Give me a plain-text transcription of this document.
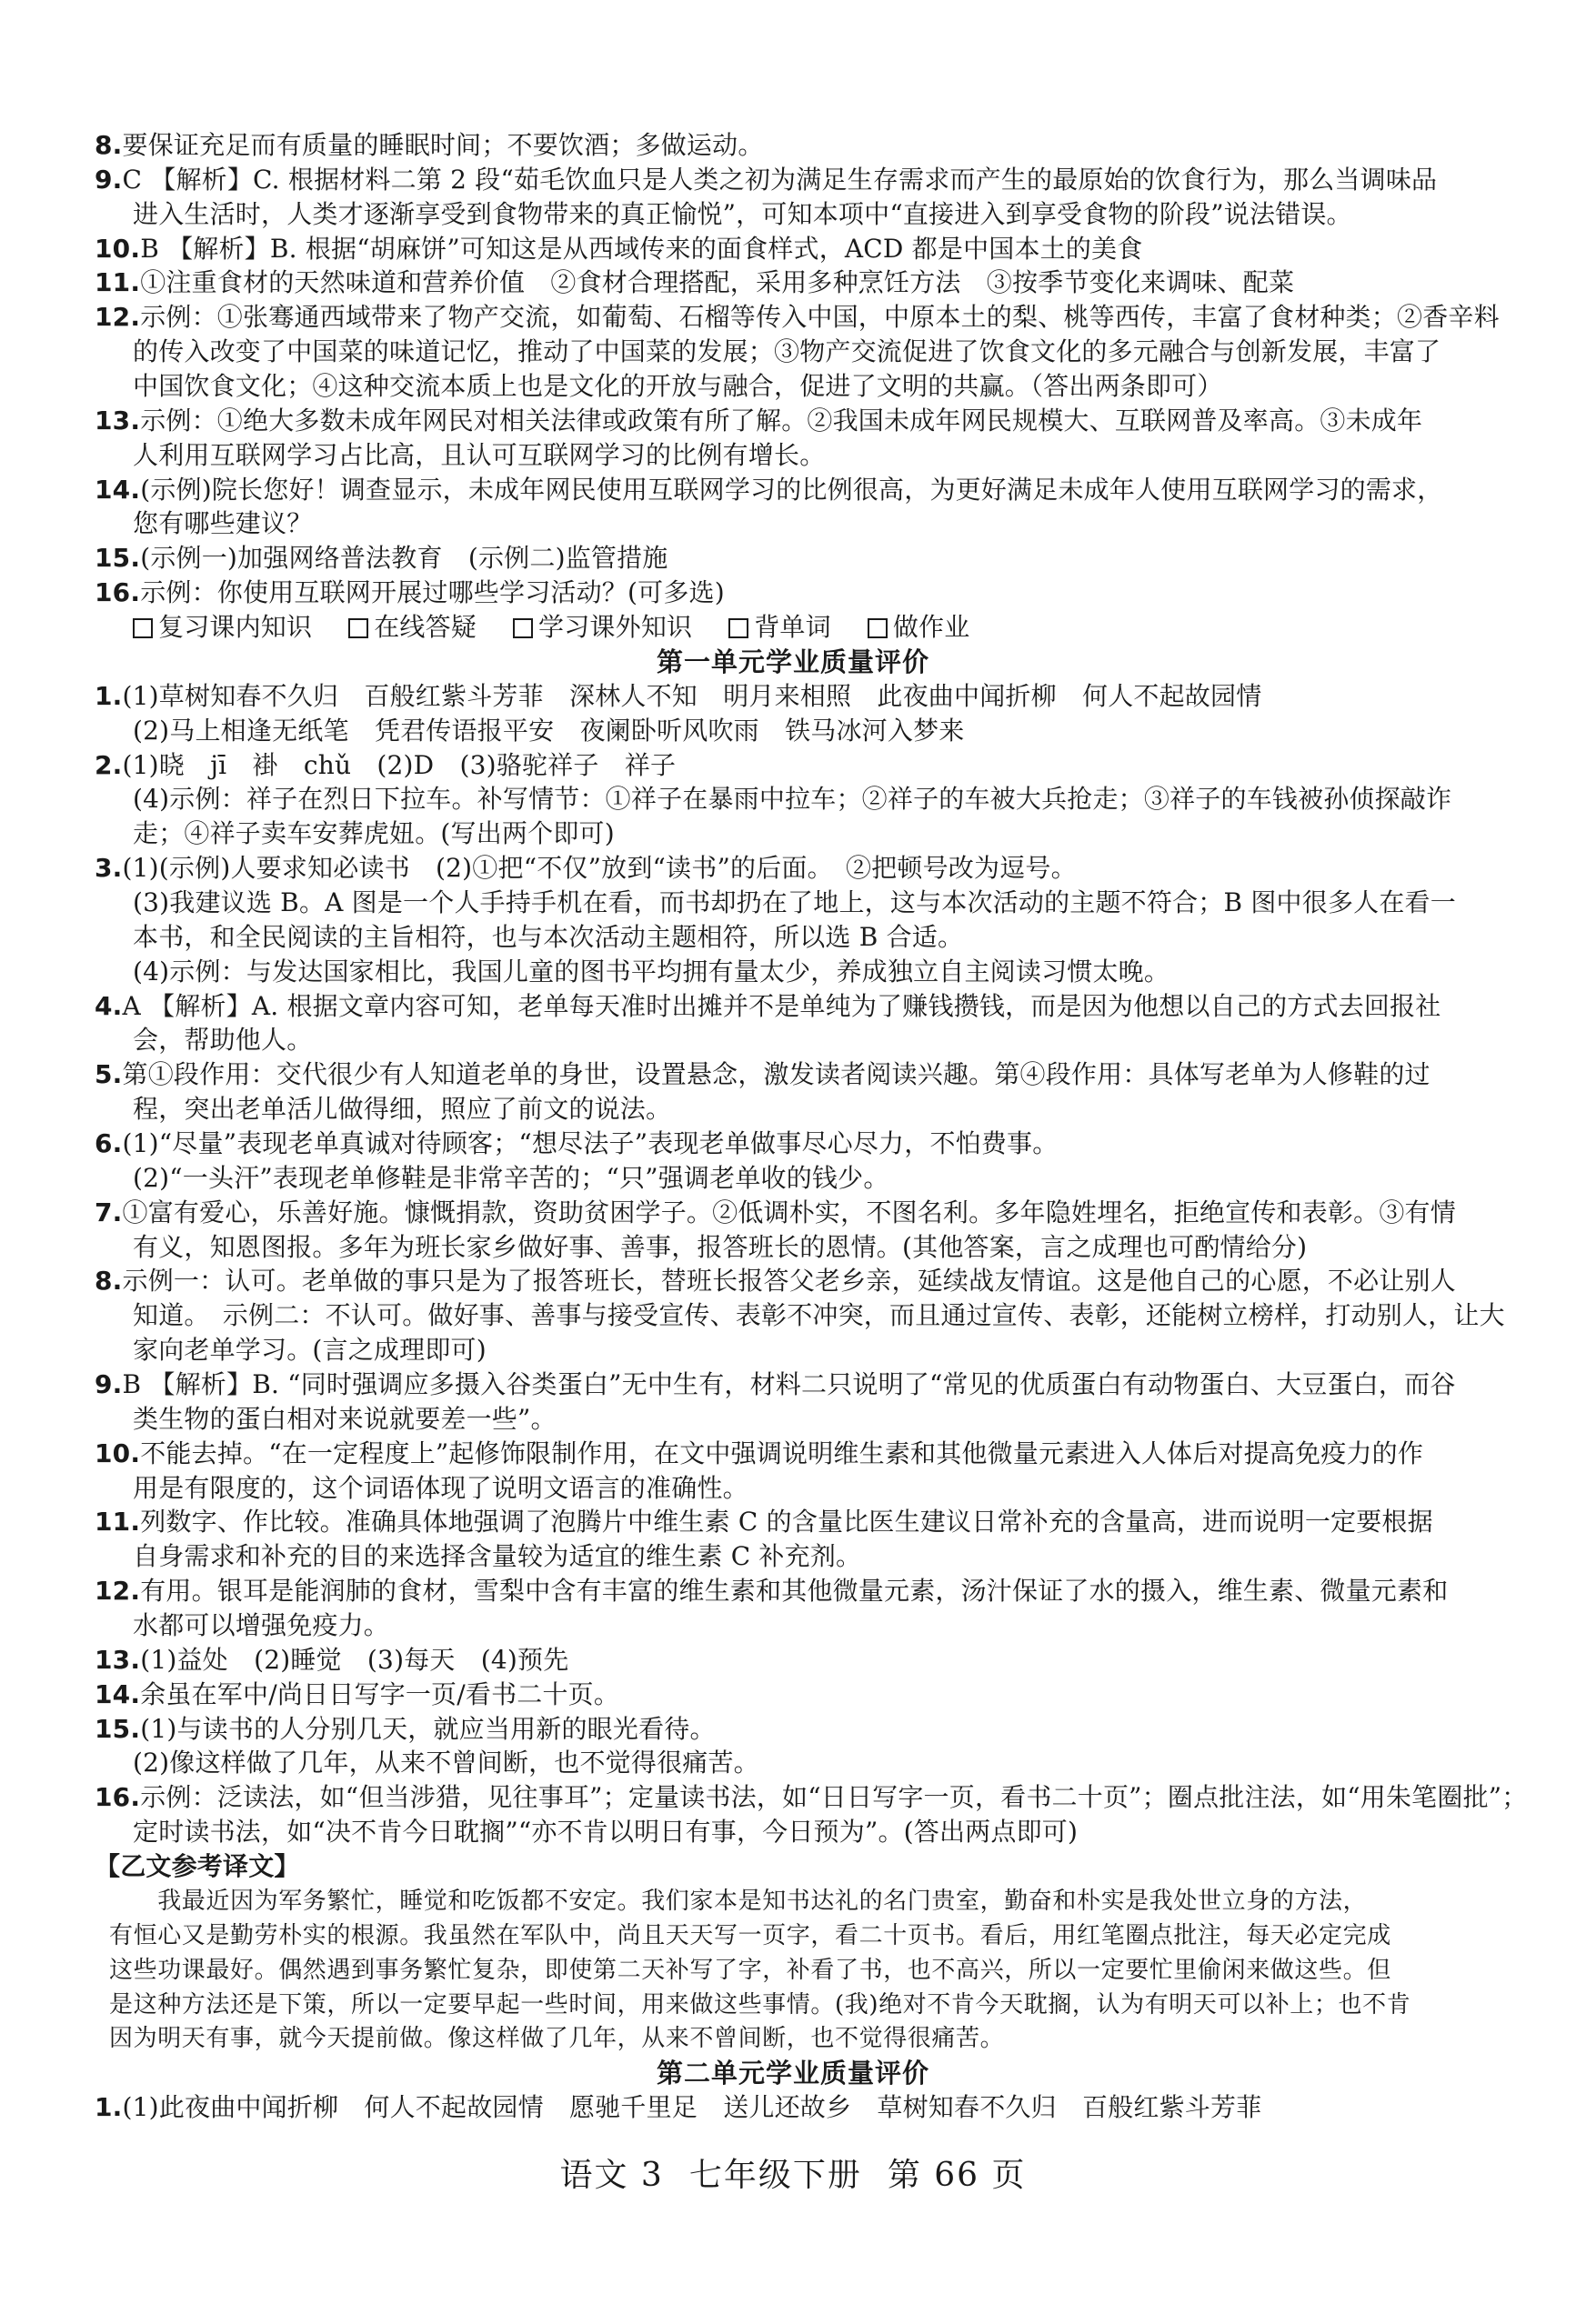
8.要保证充足而有质量的睡眠时间；不要饮酒；多做运动。
9.C 【解析】C. 根据材料二第 2 段“茹毛饮血只是人类之初为满足生存需求而产生的最原始的饮食行为，那么当调味品
进入生活时，人类才逐渐享受到食物带来的真正愉悦”，可知本项中“直接进入到享受食物的阶段”说法错误。
10.B 【解析】B. 根据“胡麻饼”可知这是从西域传来的面食样式，ACD 都是中国本土的美食
11.①注重食材的天然味道和营养价值　②食材合理搭配，采用多种烹饪方法　③按季节变化来调味、配菜
12.示例：①张骞通西域带来了物产交流，如葡萄、石榴等传入中国，中原本土的梨、桃等西传，丰富了食材种类；②香辛料
的传入改变了中国菜的味道记忆，推动了中国菜的发展；③物产交流促进了饮食文化的多元融合与创新发展，丰富了
中国饮食文化；④这种交流本质上也是文化的开放与融合，促进了文明的共赢。（答出两条即可）
13.示例：①绝大多数未成年网民对相关法律或政策有所了解。②我国未成年网民规模大、互联网普及率高。③未成年
人利用互联网学习占比高，且认可互联网学习的比例有增长。
14.(示例)院长您好！调查显示，未成年网民使用互联网学习的比例很高，为更好满足未成年人使用互联网学习的需求，
您有哪些建议？
15.(示例一)加强网络普法教育　(示例二)监管措施
16.示例：你使用互联网开展过哪些学习活动？(可多选)
复习课内知识 在线答疑 学习课外知识 背单词 做作业
第一单元学业质量评价
1.(1)草树知春不久归　百般红紫斗芳菲　深林人不知　明月来相照　此夜曲中闻折柳　何人不起故园情
(2)马上相逢无纸笔　凭君传语报平安　夜阑卧听风吹雨　铁马冰河入梦来
2.(1)晓　jī　褂　chǔ　(2)D　(3)骆驼祥子　祥子
(4)示例：祥子在烈日下拉车。补写情节：①祥子在暴雨中拉车；②祥子的车被大兵抢走；③祥子的车钱被孙侦探敲诈
走；④祥子卖车安葬虎妞。(写出两个即可)
3.(1)(示例)人要求知必读书　(2)①把“不仅”放到“读书”的后面。　②把顿号改为逗号。
(3)我建议选 B。A 图是一个人手持手机在看，而书却扔在了地上，这与本次活动的主题不符合；B 图中很多人在看一
本书，和全民阅读的主旨相符，也与本次活动主题相符，所以选 B 合适。
(4)示例：与发达国家相比，我国儿童的图书平均拥有量太少，养成独立自主阅读习惯太晚。
4.A 【解析】A. 根据文章内容可知，老单每天准时出摊并不是单纯为了赚钱攒钱，而是因为他想以自己的方式去回报社
会，帮助他人。
5.第①段作用：交代很少有人知道老单的身世，设置悬念，激发读者阅读兴趣。第④段作用：具体写老单为人修鞋的过
程，突出老单活儿做得细，照应了前文的说法。
6.(1)“尽量”表现老单真诚对待顾客；“想尽法子”表现老单做事尽心尽力，不怕费事。
(2)“一头汗”表现老单修鞋是非常辛苦的；“只”强调老单收的钱少。
7.①富有爱心，乐善好施。慷慨捐款，资助贫困学子。②低调朴实，不图名利。多年隐姓埋名，拒绝宣传和表彰。③有情
有义，知恩图报。多年为班长家乡做好事、善事，报答班长的恩情。(其他答案，言之成理也可酌情给分)
8.示例一：认可。老单做的事只是为了报答班长，替班长报答父老乡亲，延续战友情谊。这是他自己的心愿，不必让别人
知道。　示例二：不认可。做好事、善事与接受宣传、表彰不冲突，而且通过宣传、表彰，还能树立榜样，打动别人，让大
家向老单学习。(言之成理即可)
9.B 【解析】B. “同时强调应多摄入谷类蛋白”无中生有，材料二只说明了“常见的优质蛋白有动物蛋白、大豆蛋白，而谷
类生物的蛋白相对来说就要差一些”。
10.不能去掉。“在一定程度上”起修饰限制作用，在文中强调说明维生素和其他微量元素进入人体后对提高免疫力的作
用是有限度的，这个词语体现了说明文语言的准确性。
11.列数字、作比较。准确具体地强调了泡腾片中维生素 C 的含量比医生建议日常补充的含量高，进而说明一定要根据
自身需求和补充的目的来选择含量较为适宜的维生素 C 补充剂。
12.有用。银耳是能润肺的食材，雪梨中含有丰富的维生素和其他微量元素，汤汁保证了水的摄入，维生素、微量元素和
水都可以增强免疫力。
13.(1)益处　(2)睡觉　(3)每天　(4)预先
14.余虽在军中/尚日日写字一页/看书二十页。
15.(1)与读书的人分别几天，就应当用新的眼光看待。
(2)像这样做了几年，从来不曾间断，也不觉得很痛苦。
16.示例：泛读法，如“但当涉猎，见往事耳”；定量读书法，如“日日写字一页，看书二十页”；圈点批注法，如“用朱笔圈批”；
定时读书法，如“决不肯今日耽搁”“亦不肯以明日有事，今日预为”。(答出两点即可)
【乙文参考译文】
　　我最近因为军务繁忙，睡觉和吃饭都不安定。我们家本是知书达礼的名门贵室，勤奋和朴实是我处世立身的方法，
有恒心又是勤劳朴实的根源。我虽然在军队中，尚且天天写一页字，看二十页书。看后，用红笔圈点批注，每天必定完成
这些功课最好。偶然遇到事务繁忙复杂，即使第二天补写了字，补看了书，也不高兴，所以一定要忙里偷闲来做这些。但
是这种方法还是下策，所以一定要早起一些时间，用来做这些事情。(我)绝对不肯今天耽搁，认为有明天可以补上；也不肯
因为明天有事，就今天提前做。像这样做了几年，从来不曾间断，也不觉得很痛苦。
第二单元学业质量评价
1.(1)此夜曲中闻折柳　何人不起故园情　愿驰千里足　送儿还故乡　草树知春不久归　百般红紫斗芳菲
语文 3 七年级下册 第 66 页
